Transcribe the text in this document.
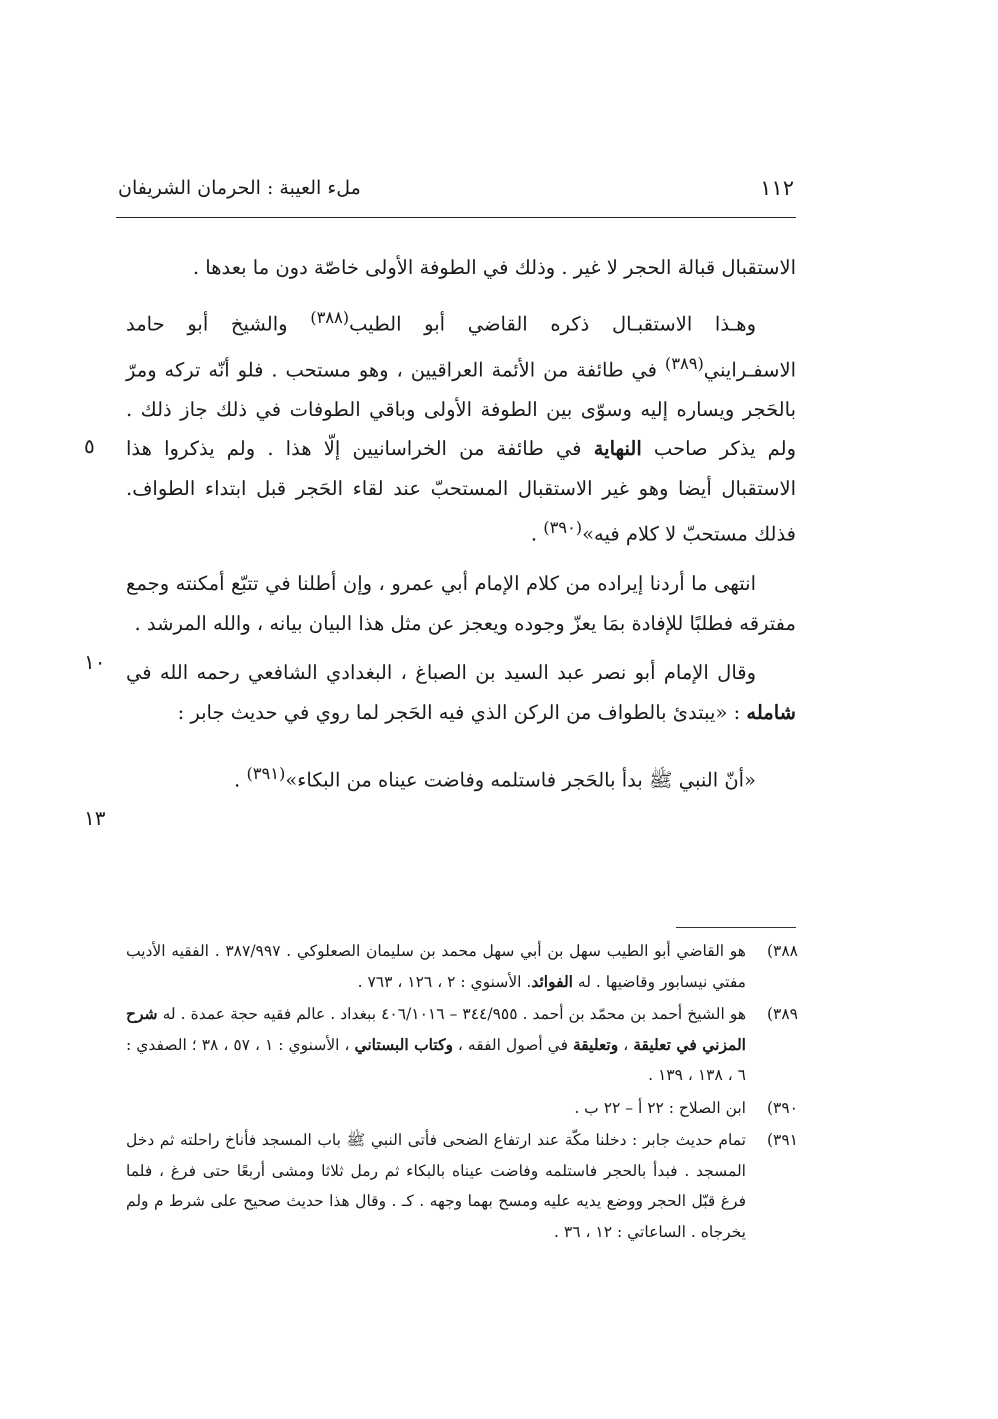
١١٢
ملء العيبة : الحرمان الشريفان

الاستقبال قبالة الحجر لا غير . وذلك في الطوفة الأولى خاصّة دون ما بعدها .

وهـذا الاستقبـال ذكره القاضي أبو الطيب$^{(٣٨٨)}$ والشيخ أبو حامد الاسفـرايني$^{(٣٨٩)}$ في طائفة من الأئمة العراقيين ، وهو مستحب . فلو أنّه تركه ومرّ بالحَجر ويساره إليه وسوّى بين الطوفة الأولى وباقي الطوفات في ذلك جاز ذلك . ولم يذكر صاحب النهاية في طائفة من الخراسانيين إلّا هذا . ولم يذكروا هذا الاستقبال أيضا وهو غير الاستقبال المستحبّ عند لقاء الحَجر قبل ابتداء الطواف. فذلك مستحبّ لا كلام فيه»$^{(٣٩٠)}$ .

انتهى ما أردنا إيراده من كلام الإمام أبي عمرو ، وإن أطلنا في تتبّع أمكنته وجمع مفترقه فطلبًا للإفادة بمَا يعزّ وجوده ويعجز عن مثل هذا البيان بيانه ، والله المرشد .

وقال الإمام أبو نصر عبد السيد بن الصباغ ، البغدادي الشافعي رحمه الله في شامله : «يبتدئ بالطواف من الركن الذي فيه الحَجر لما روي في حديث جابر :

«أنّ النبي ﷺ بدأ بالحَجر فاستلمه وفاضت عيناه من البكاء»$^{(٣٩١)}$ .

٥
١٠
١٣
٣٨٨)
هو القاضي أبو الطيب سهل بن أبي سهل محمد بن سليمان الصعلوكي . ٣٨٧/٩٩٧ . الفقيه الأديب مفتي نيسابور وقاضيها . له الفوائد. الأسنوي : ٢ ، ١٢٦ ، ٧٦٣ .
٣٨٩)
هو الشيخ أحمد بن محمّد بن أحمد . ٣٤٤/٩٥٥ – ٤٠٦/١٠١٦ ببغداد . عالم فقيه حجة عمدة . له شرح المزني في تعليقة ، وتعليقة في أصول الفقه ، وكتاب البستاني ، الأسنوي : ١ ، ٥٧ ، ٣٨ ؛ الصفدي : ٦ ، ١٣٨ ، ١٣٩ .
٣٩٠)
ابن الصلاح : ٢٢ أ – ٢٢ ب .
٣٩١)
تمام حديث جابر : دخلنا مكّة عند ارتفاع الضحى فأتى النبي ﷺ باب المسجد فأناخ راحلته ثم دخل المسجد . فبدأ بالحجر فاستلمه وفاضت عيناه بالبكاء ثم رمل ثلاثا ومشى أربعًا حتى فرغ ، فلما فرغ قبّل الحجر ووضع يديه عليه ومسح بهما وجهه . كـ . وقال هذا حديث صحيح على شرط ﻡ ولم يخرجاه . الساعاتي : ١٢ ، ٣٦ .
